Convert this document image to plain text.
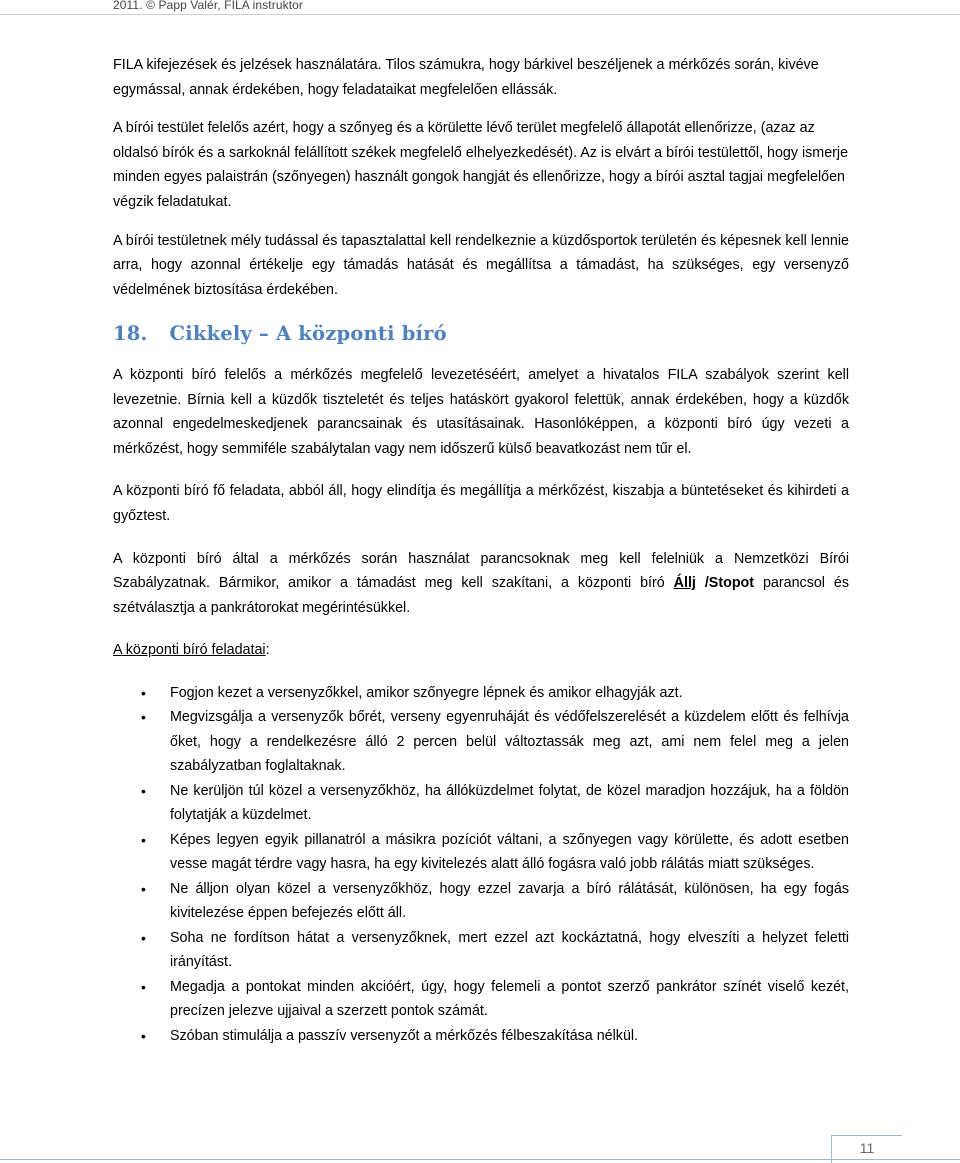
2011. © Papp Valér, FILA instruktor

FILA kifejezések és jelzések használatára. Tilos számukra, hogy bárkivel beszéljenek a mérkőzés során, kivéve egymással, annak érdekében, hogy feladataikat megfelelően ellássák.

A bírói testület felelős azért, hogy a szőnyeg és a körülette lévő terület megfelelő állapotát ellenőrizze, (azaz az oldalsó bírók és a sarkoknál felállított székek megfelelő elhelyezkedését). Az is elvárt a bírói testülettől, hogy ismerje minden egyes palaistrán (szőnyegen) használt gongok hangját és ellenőrizze, hogy a bírói asztal tagjai megfelelően végzik feladatukat.

A bírói testületnek mély tudással és tapasztalattal kell rendelkeznie a küzdősportok területén és képesnek kell lennie arra, hogy azonnal értékelje egy támadás hatását és megállítsa a támadást, ha szükséges, egy versenyző védelmének biztosítása érdekében.

18. Cikkely – A központi bíró

A központi bíró felelős a mérkőzés megfelelő levezetéséért, amelyet a hivatalos FILA szabályok szerint kell levezetnie. Bírnia kell a küzdők tiszteletét és teljes hatáskört gyakorol felettük, annak érdekében, hogy a küzdők azonnal engedelmeskedjenek parancsainak és utasításainak. Hasonlóképpen, a központi bíró úgy vezeti a mérkőzést, hogy semmiféle szabálytalan vagy nem időszerű külső beavatkozást nem tűr el.

A központi bíró fő feladata, abból áll, hogy elindítja és megállítja a mérkőzést, kiszabja a büntetéseket és kihirdeti a győztest.

A központi bíró által a mérkőzés során használat parancsoknak meg kell felelniük a Nemzetközi Bírói Szabályzatnak. Bármikor, amikor a támadást meg kell szakítani, a központi bíró Állj /Stopot parancsol és szétválasztja a pankrátorokat megérintésükkel.

A központi bíró feladatai:

• Fogjon kezet a versenyzőkkel, amikor szőnyegre lépnek és amikor elhagyják azt.
• Megvizsgálja a versenyzők bőrét, verseny egyenruháját és védőfelszerelését a küzdelem előtt és felhívja őket, hogy a rendelkezésre álló 2 percen belül változtassák meg azt, ami nem felel meg a jelen szabályzatban foglaltaknak.
• Ne kerüljön túl közel a versenyzőkhöz, ha állóküzdelmet folytat, de közel maradjon hozzájuk, ha a földön folytatják a küzdelmet.
• Képes legyen egyik pillanatról a másikra pozíciót váltani, a szőnyegen vagy körülette, és adott esetben vesse magát térdre vagy hasra, ha egy kivitelezés alatt álló fogásra való jobb rálátás miatt szükséges.
• Ne álljon olyan közel a versenyzőkhöz, hogy ezzel zavarja a bíró rálátását, különösen, ha egy fogás kivitelezése éppen befejezés előtt áll.
• Soha ne fordítson hátat a versenyzőknek, mert ezzel azt kockáztatná, hogy elveszíti a helyzet feletti irányítást.
• Megadja a pontokat minden akcióért, úgy, hogy felemeli a pontot szerző pankrátor színét viselő kezét, precízen jelezve ujjaival a szerzett pontok számát.
• Szóban stimulálja a passzív versenyzőt a mérkőzés félbeszakítása nélkül.
11
